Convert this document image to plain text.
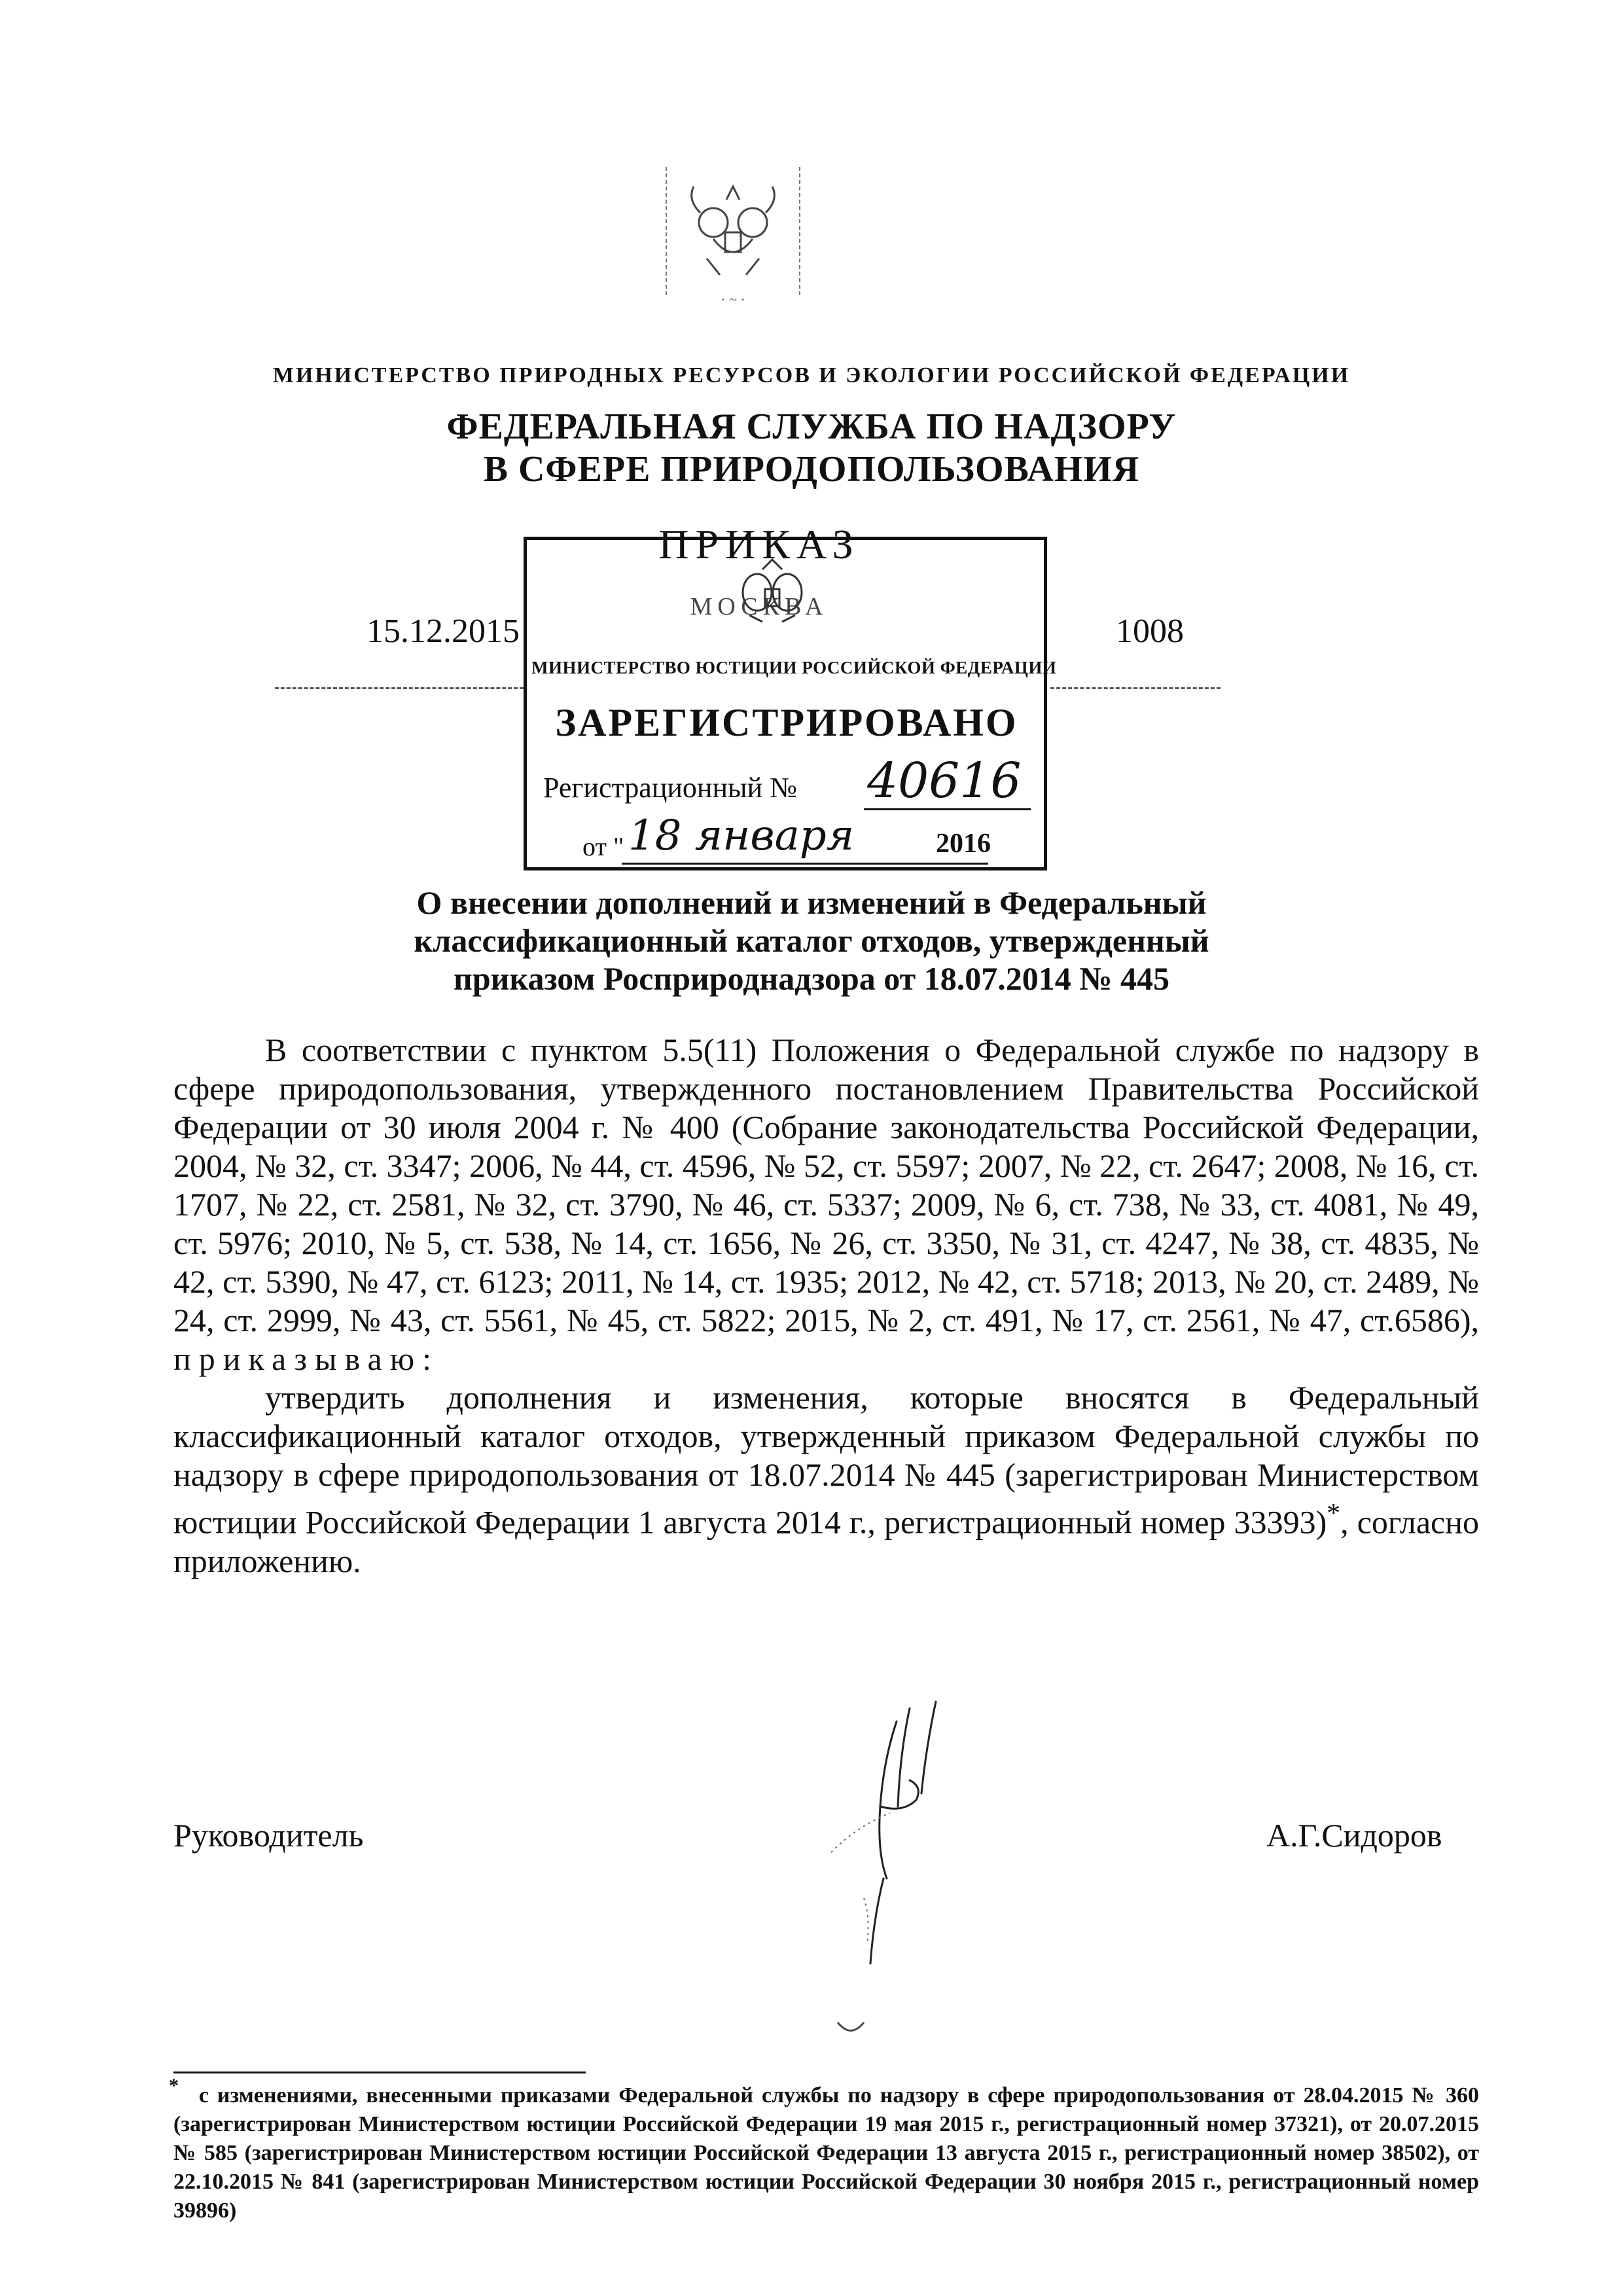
· ~ ·
МИНИСТЕРСТВО ПРИРОДНЫХ РЕСУРСОВ И ЭКОЛОГИИ РОССИЙСКОЙ ФЕДЕРАЦИИ
ФЕДЕРАЛЬНАЯ СЛУЖБА ПО НАДЗОРУ
В СФЕРЕ ПРИРОДОПОЛЬЗОВАНИЯ
ПРИКАЗ
МОСКВА
15.12.2015	1008
МИНИСТЕРСТВО ЮСТИЦИИ РОССИЙСКОЙ ФЕДЕРАЦИИ
ЗАРЕГИСТРИРОВАНО
Регистрационный № 40616
от " 18 января	2016
О внесении дополнений и изменений в Федеральный
классификационный каталог отходов, утвержденный
приказом Росприроднадзора от 18.07.2014 № 445

В соответствии с пунктом 5.5(11) Положения о Федеральной службе по надзору в сфере природопользования, утвержденного постановлением Правительства Российской Федерации от 30 июля 2004 г. № 400 (Собрание законодательства Российской Федерации, 2004, № 32, ст. 3347; 2006, № 44, ст. 4596, № 52, ст. 5597; 2007, № 22, ст. 2647; 2008, № 16, ст. 1707, № 22, ст. 2581, № 32, ст. 3790, № 46, ст. 5337; 2009, № 6, ст. 738, № 33, ст. 4081, № 49, ст. 5976; 2010, № 5, ст. 538, № 14, ст. 1656, № 26, ст. 3350, № 31, ст. 4247, № 38, ст. 4835, № 42, ст. 5390, № 47, ст. 6123; 2011, № 14, ст. 1935; 2012, № 42, ст. 5718; 2013, № 20, ст. 2489, № 24, ст. 2999, № 43, ст. 5561, № 45, ст. 5822; 2015, № 2, ст. 491, № 17, ст. 2561, № 47, ст.6586), приказываю:

утвердить дополнения и изменения, которые вносятся в Федеральный классификационный каталог отходов, утвержденный приказом Федеральной службы по надзору в сфере природопользования от 18.07.2014 № 445 (зарегистрирован Министерством юстиции Российской Федерации 1 августа 2014 г., регистрационный номер 33393)*, согласно приложению.

Руководитель	А.Г.Сидоров
* с изменениями, внесенными приказами Федеральной службы по надзору в сфере природопользования от 28.04.2015 № 360 (зарегистрирован Министерством юстиции Российской Федерации 19 мая 2015 г., регистрационный номер 37321), от 20.07.2015 № 585 (зарегистрирован Министерством юстиции Российской Федерации 13 августа 2015 г., регистрационный номер 38502), от 22.10.2015 № 841 (зарегистрирован Министерством юстиции Российской Федерации 30 ноября 2015 г., регистрационный номер 39896)
